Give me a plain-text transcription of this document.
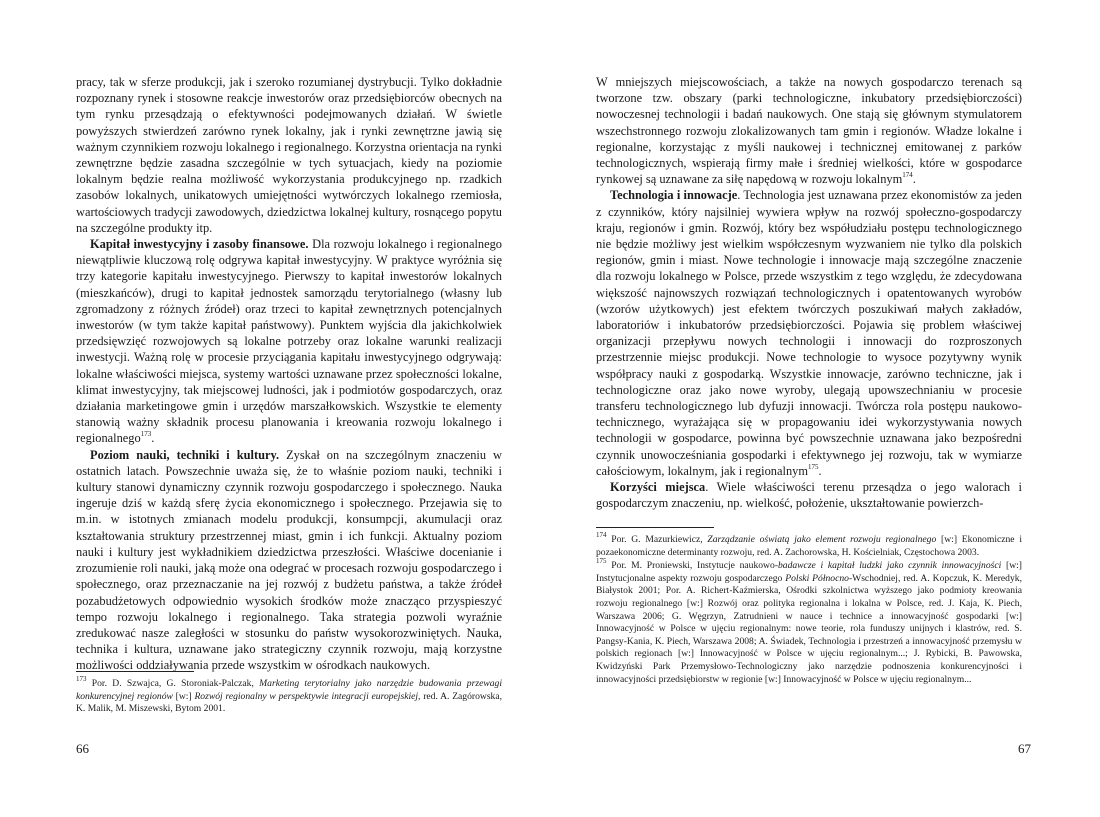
pracy, tak w sferze produkcji, jak i szeroko rozumianej dystrybucji. Tylko dokładnie rozpoznany rynek i stosowne reakcje inwestorów oraz przedsiębiorców obecnych na tym rynku przesądzają o efektywności podejmowanych działań. W świetle powyższych stwierdzeń zarówno rynek lokalny, jak i rynki zewnętrzne jawią się ważnym czynnikiem rozwoju lokalnego i regionalnego. Korzystna orientacja na rynki zewnętrzne będzie zasadna szczególnie w tych sytuacjach, kiedy na poziomie lokalnym będzie realna możliwość wykorzystania produkcyjnego np. rzadkich zasobów lokalnych, unikatowych umiejętności wytwórczych lokalnego rzemiosła, wartościowych tradycji zawodowych, dziedzictwa lokalnej kultury, rosnącego popytu na szczególne produkty itp.

Kapitał inwestycyjny i zasoby finansowe. Dla rozwoju lokalnego i regionalnego niewątpliwie kluczową rolę odgrywa kapitał inwestycyjny. W praktyce wyróżnia się trzy kategorie kapitału inwestycyjnego. Pierwszy to kapitał inwestorów lokalnych (mieszkańców), drugi to kapitał jednostek samorządu terytorialnego (własny lub zgromadzony z różnych źródeł) oraz trzeci to kapitał zewnętrznych potencjalnych inwestorów (w tym także kapitał państwowy). Punktem wyjścia dla jakichkolwiek przedsięwzięć rozwojowych są lokalne potrzeby oraz lokalne warunki realizacji inwestycji. Ważną rolę w procesie przyciągania kapitału inwestycyjnego odgrywają: lokalne właściwości miejsca, systemy wartości uznawane przez społeczności lokalne, klimat inwestycyjny, tak miejscowej ludności, jak i podmiotów gospodarczych, oraz działania marketingowe gmin i urzędów marszałkowskich. Wszystkie te elementy stanowią ważny składnik procesu planowania i kreowania rozwoju lokalnego i regionalnego$^{173}$.

Poziom nauki, techniki i kultury. Zyskał on na szczególnym znaczeniu w ostatnich latach. Powszechnie uważa się, że to właśnie poziom nauki, techniki i kultury stanowi dynamiczny czynnik rozwoju gospodarczego i społecznego. Nauka ingeruje dziś w każdą sferę życia ekonomicznego i społecznego. Przejawia się to m.in. w istotnych zmianach modelu produkcji, konsumpcji, akumulacji oraz kształtowania struktury przestrzennej miast, gmin i ich funkcji. Aktualny poziom nauki i kultury jest wykładnikiem dziedzictwa przeszłości. Właściwe docenianie i zrozumienie roli nauki, jaką może ona odegrać w procesach rozwoju gospodarczego i społecznego, oraz przeznaczanie na jej rozwój z budżetu państwa, a także źródeł pozabudżetowych odpowiednio wysokich środków może znacząco przyspieszyć tempo rozwoju lokalnego i regionalnego. Taka strategia pozwoli wyraźnie zredukować nasze zaległości w stosunku do państw wysokorozwiniętych. Nauka, technika i kultura, uznawane jako strategiczny czynnik rozwoju, mają korzystne możliwości oddziaływania przede wszystkim w ośrodkach naukowych.

$^{173}$ Por. D. Szwajca, G. Storoniak-Palczak, Marketing terytorialny jako narzędzie budowania przewagi konkurencyjnej regionów [w:] Rozwój regionalny w perspektywie integracji europejskiej, red. A. Zagórowska, K. Malik, M. Miszewski, Bytom 2001.
66

W mniejszych miejscowościach, a także na nowych gospodarczo terenach są tworzone tzw. obszary (parki technologiczne, inkubatory przedsiębiorczości) nowoczesnej technologii i badań naukowych. One stają się głównym stymulatorem wszechstronnego rozwoju zlokalizowanych tam gmin i regionów. Władze lokalne i regionalne, korzystając z myśli naukowej i technicznej emitowanej z parków technologicznych, wspierają firmy małe i średniej wielkości, które w gospodarce rynkowej są uznawane za siłę napędową w rozwoju lokalnym$^{174}$.

Technologia i innowacje. Technologia jest uznawana przez ekonomistów za jeden z czynników, który najsilniej wywiera wpływ na rozwój społeczno-gospodarczy kraju, regionów i gmin. Rozwój, który bez współudziału postępu technologicznego nie będzie możliwy jest wielkim współczesnym wyzwaniem nie tylko dla polskich regionów, gmin i miast. Nowe technologie i innowacje mają szczególne znaczenie dla rozwoju lokalnego w Polsce, przede wszystkim z tego względu, że zdecydowana większość najnowszych rozwiązań technologicznych i opatentowanych wyrobów (wzorów użytkowych) jest efektem twórczych poszukiwań małych zakładów, laboratoriów i inkubatorów przedsiębiorczości. Pojawia się problem właściwej organizacji przepływu nowych technologii i innowacji do rozproszonych przestrzennie miejsc produkcji. Nowe technologie to wysoce pozytywny wynik współpracy nauki z gospodarką. Wszystkie innowacje, zarówno techniczne, jak i technologiczne oraz jako nowe wyroby, ulegają upowszechnianiu w procesie transferu technologicznego lub dyfuzji innowacji. Twórcza rola postępu naukowo-technicznego, wyrażająca się w propagowaniu idei wykorzystywania nowych technologii w gospodarce, powinna być powszechnie uznawana jako bezpośredni czynnik unowocześniania gospodarki i efektywnego jej rozwoju, tak w wymiarze całościowym, lokalnym, jak i regionalnym$^{175}$.

Korzyści miejsca. Wiele właściwości terenu przesądza o jego walorach i gospodarczym znaczeniu, np. wielkość, położenie, ukształtowanie powierzch-

$^{174}$ Por. G. Mazurkiewicz, Zarządzanie oświatą jako element rozwoju regionalnego [w:] Ekonomiczne i pozaekonomiczne determinanty rozwoju, red. A. Zachorowska, H. Kościelniak, Częstochowa 2003.
$^{175}$ Por. M. Proniewski, Instytucje naukowo-badawcze i kapitał ludzki jako czynnik innowacyjności [w:] Instytucjonalne aspekty rozwoju gospodarczego Polski Północno-Wschodniej, red. A. Kopczuk, K. Meredyk, Białystok 2001; Por. A. Richert-Kaźmierska, Ośrodki szkolnictwa wyższego jako podmioty kreowania rozwoju regionalnego [w:] Rozwój oraz polityka regionalna i lokalna w Polsce, red. J. Kaja, K. Piech, Warszawa 2006; G. Węgrzyn, Zatrudnieni w nauce i technice a innowacyjność gospodarki [w:] Innowacyjność w Polsce w ujęciu regionalnym: nowe teorie, rola funduszy unijnych i klastrów, red. S. Pangsy-Kania, K. Piech, Warszawa 2008; A. Świadek, Technologia i przestrzeń a innowacyjność przemysłu w polskich regionach [w:] Innowacyjność w Polsce w ujęciu regionalnym...; J. Rybicki, B. Pawowska, Kwidzyński Park Przemysłowo-Technologiczny jako narzędzie podnoszenia konkurencyjności i innowacyjności przedsiębiorstw w regionie [w:] Innowacyjność w Polsce w ujęciu regionalnym...
67
